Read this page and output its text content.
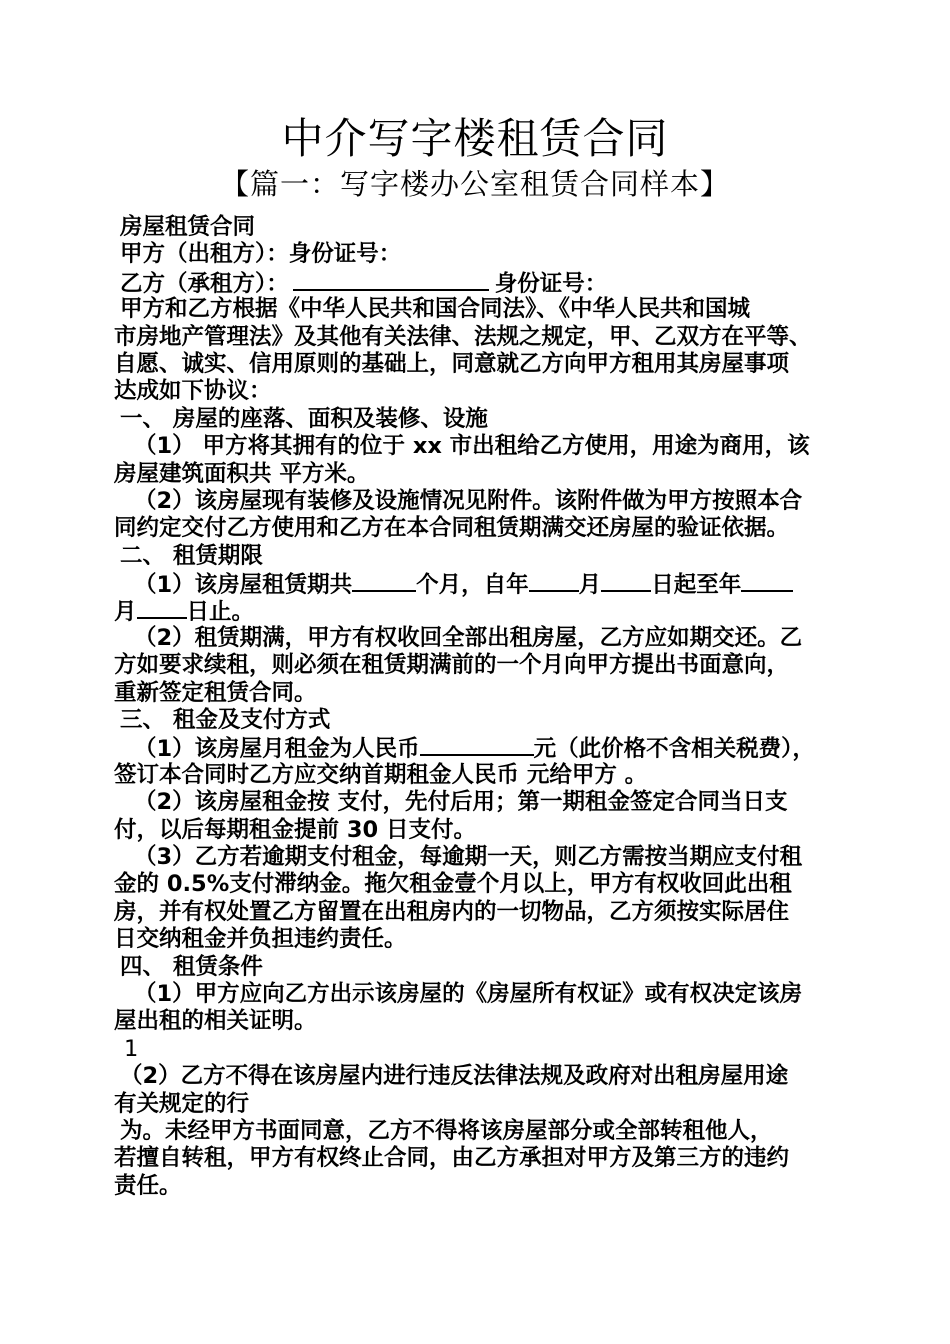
中介写字楼租赁合同
【篇一：写字楼办公室租赁合同样本】
房屋租赁合同
甲方（出租方）：身份证号：
乙方（承租方）：	身份证号：
甲方和乙方根据《中华人民共和国合同法》、《中华人民共和国城
市房地产管理法》及其他有关法律、法规之规定，甲、乙双方在平等、
自愿、诚实、信用原则的基础上，同意就乙方向甲方租用其房屋事项
达成如下协议：
一、 房屋的座落、面积及装修、设施
（1） 甲方将其拥有的位于 xx 市出租给乙方使用，用途为商用，该
房屋建筑面积共 平方米。
（2）该房屋现有装修及设施情况见附件。该附件做为甲方按照本合
同约定交付乙方使用和乙方在本合同租赁期满交还房屋的验证依据。
二、 租赁期限
（1）该房屋租赁期共	个月，自年 月 日起至年
月 日止。
（2）租赁期满，甲方有权收回全部出租房屋，乙方应如期交还。乙
方如要求续租，则必须在租赁期满前的一个月向甲方提出书面意向，
重新签定租赁合同。
三、 租金及支付方式
（1）该房屋月租金为人民币	元（此价格不含相关税费），
签订本合同时乙方应交纳首期租金人民币 元给甲方 。
（2）该房屋租金按 支付，先付后用；第一期租金签定合同当日支
付，以后每期租金提前 30 日支付。
（3）乙方若逾期支付租金，每逾期一天，则乙方需按当期应支付租
金的 0.5%支付滞纳金。拖欠租金壹个月以上，甲方有权收回此出租
房，并有权处置乙方留置在出租房内的一切物品，乙方须按实际居住
日交纳租金并负担违约责任。
四、 租赁条件
（1）甲方应向乙方出示该房屋的《房屋所有权证》或有权决定该房
屋出租的相关证明。
1
（2）乙方不得在该房屋内进行违反法律法规及政府对出租房屋用途
有关规定的行
为。未经甲方书面同意，乙方不得将该房屋部分或全部转租他人，
若擅自转租，甲方有权终止合同，由乙方承担对甲方及第三方的违约
责任。
